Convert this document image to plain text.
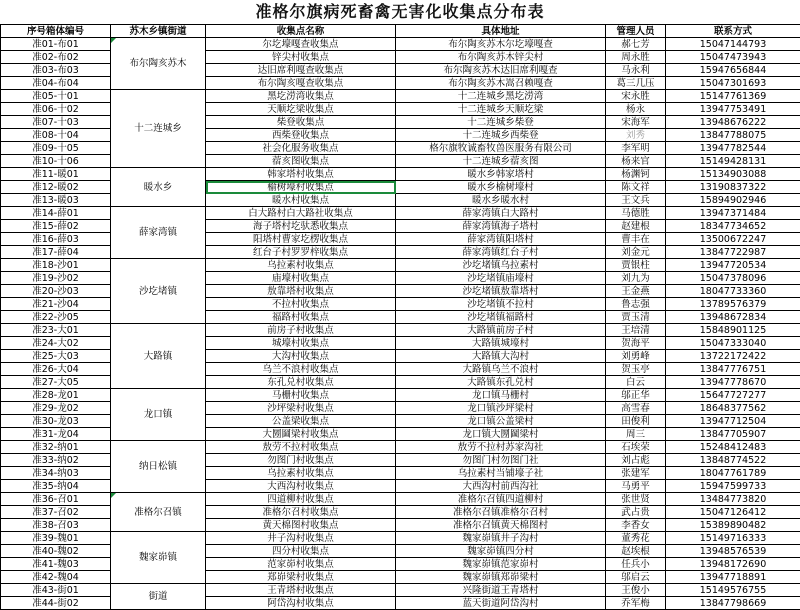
准格尔旗病死畜禽无害化收集点分布表
序号箱体编号	苏木乡镇街道	收集点名称	具体地址	管理人员	联系方式
准01-布01	布尔陶亥苏木	尔圪壕嘎查收集点	布尔陶亥苏木尔圪壕嘎查	郝七芳	15047144793
准02-布02		锌尖村收集点	布尔陶亥苏木锌尖村	周永胜	15047473943
准03-布03		达旧席利嘎查收集点	布尔陶亥苏木达旧席利嘎查	马永利	15947656844
准04-布04		布尔陶亥嘎查收集点	布尔陶亥苏木嵩召赖嘎查	葛三几压	15047301693
准05-十01	十二连城乡	黑圪涝湾收集点	十二连城乡黑圪涝湾	宋永胜	15147761369
准06-十02		天顺圪梁收集点	十二连城乡天顺圪梁	杨永	13947753491
准07-十03		柴登收集点	十二连城乡柴登	宋海军	13948676222
准08-十04		西柴登收集点	十二连城乡西柴登	刘秀	13847788075
准09-十05		社会化服务收集点	格尔旗牧诚畜牧兽医服务有限公司	李军明	13947782544
准10-十06		蓿亥图收集点	十二连城乡蓿亥图	杨来官	15149428131
准11-暖01	暖水乡	韩家塔村收集点	暖水乡韩家塔村	杨渊钶	15134903088
准12-暖02		榆树壕村收集点	暖水乡榆树壕村	陈文祥	13190837322
准13-暖03		暖水村收集点	暖水乡暖水村	王文兵	15894902946
准14-薛01	薛家湾镇	白大路村白大路社收集点	薛家湾镇白大路村	马德胜	13947371484
准15-薛02		海子塔村圪驮悉收集点	薛家湾镇海子塔村	赵建根	18347734652
准16-薛03		阳塔村曹家圪楞收集点	薛家湾镇阳塔村	曹丰在	13500672247
准17-薛04		红台子村罗罗梓收集点	薛家湾镇红台子村	刘金元	13847722987
准18-沙01	沙圪堵镇	乌拉素村收集点	沙圪堵镇乌拉素村	贾银柱	13947720534
准19-沙02		庙壕村收集点	沙圪堵镇庙壕村	刘九为	15047378096
准20-沙03		敖靠塔村收集点	沙圪堵镇敖靠塔村	王金燕	18047733360
准21-沙04		不拉村收集点	沙圪堵镇不拉村	鲁志强	13789576379
准22-沙05		福路村收集点	沙圪堵镇福路村	贾玉清	13948672834
准23-大01	大路镇	前房子村收集点	大路镇前房子村	王培清	15848901125
准24-大02		城壕村收集点	大路镇城壕村	贺海平	15047333040
准25-大03		大沟村收集点	大路镇大沟村	刘勇峰	13722172422
准26-大04		乌兰不浪村收集点	大路镇乌兰不浪村	贺玉亭	13847776751
准27-大05		东孔兑村收集点	大路镇东孔兑村	白云	13947778670
准28-龙01	龙口镇	马栅村收集点	龙口镇马栅村	邬正华	15647727277
准29-龙02		沙坪梁村收集点	龙口镇沙坪梁村	高雪春	18648377562
准30-龙03		公盖梁收集点	龙口镇公盖梁村	田俊利	13947712504
准31-龙04		大圐圙梁村收集点	龙口镇大圐圙梁村	周三	13847705907
准32-纳01	纳日松镇	敖劳不拉村收集点	敖劳不拉村苏家沟社	石埃荣	15248412483
准33-纳02		勿图门村收集点	勿图门村勿图门社	刘占彪	13848774522
准34-纳03		乌拉素村收集点	乌拉素村当铺壕子社	张建军	18047761789
准35-纳04		大西沟村收集点	大西沟村前西沟社	马勇平	15947599733
准36-召01	准格尔召镇	四道柳村收集点	准格尔召镇四道柳村	张世贤	13484773820
准37-召02		准格尔召村收集点	准格尔召镇准格尔召村	武占贵	15047126412
准38-召03		黄天棉图村收集点	准格尔召镇黄天棉图村	李香女	15389890482
准39-魏01	魏家峁镇	井子沟村收集点	魏家峁镇井子沟村	董秀花	15149716333
准40-魏02		四分村收集点	魏家峁镇四分村	赵埃根	13948576539
准41-魏03		范家峁村收集点	魏家峁镇范家峁村	任兵小	13948172690
准42-魏04		郑峁梁村收集点	魏家峁镇郑峁梁村	邬启云	13947718891
准43-街01	街道	王青塔村收集点	兴隆街道王青塔村	王俊小	15149576755
准44-街02		阿岱沟村收集点	蓝天街道阿岱沟村	乔军梅	13847798669
